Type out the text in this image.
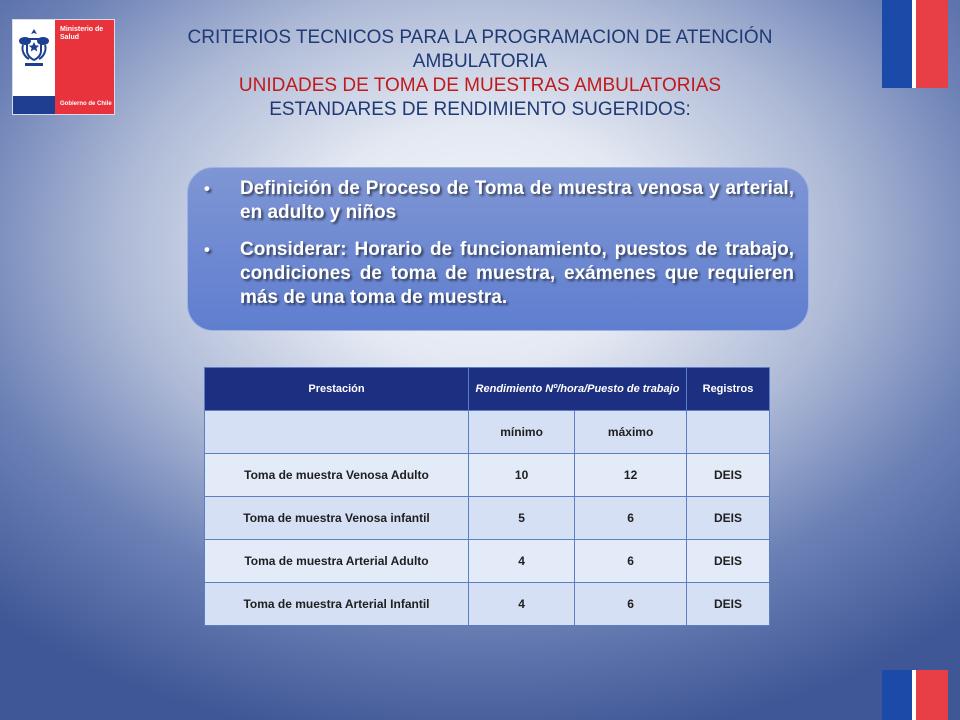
Ministerio de Salud
Gobierno de Chile
CRITERIOS TECNICOS PARA LA PROGRAMACION DE ATENCIÓN AMBULATORIA
UNIDADES DE TOMA DE MUESTRAS AMBULATORIAS
ESTANDARES DE RENDIMIENTO SUGERIDOS:
• Definición de Proceso de Toma de muestra venosa y arterial, en adulto y niños
• Considerar: Horario de funcionamiento, puestos de trabajo, condiciones de toma de muestra, exámenes que requieren más de una toma de muestra.
Prestación	Rendimiento Nº/hora/Puesto de trabajo		Registros
	mínimo	máximo	
Toma de muestra Venosa Adulto	10	12	DEIS
Toma de muestra Venosa infantil	5	6	DEIS
Toma de muestra Arterial Adulto	4	6	DEIS
Toma de muestra Arterial Infantil	4	6	DEIS
